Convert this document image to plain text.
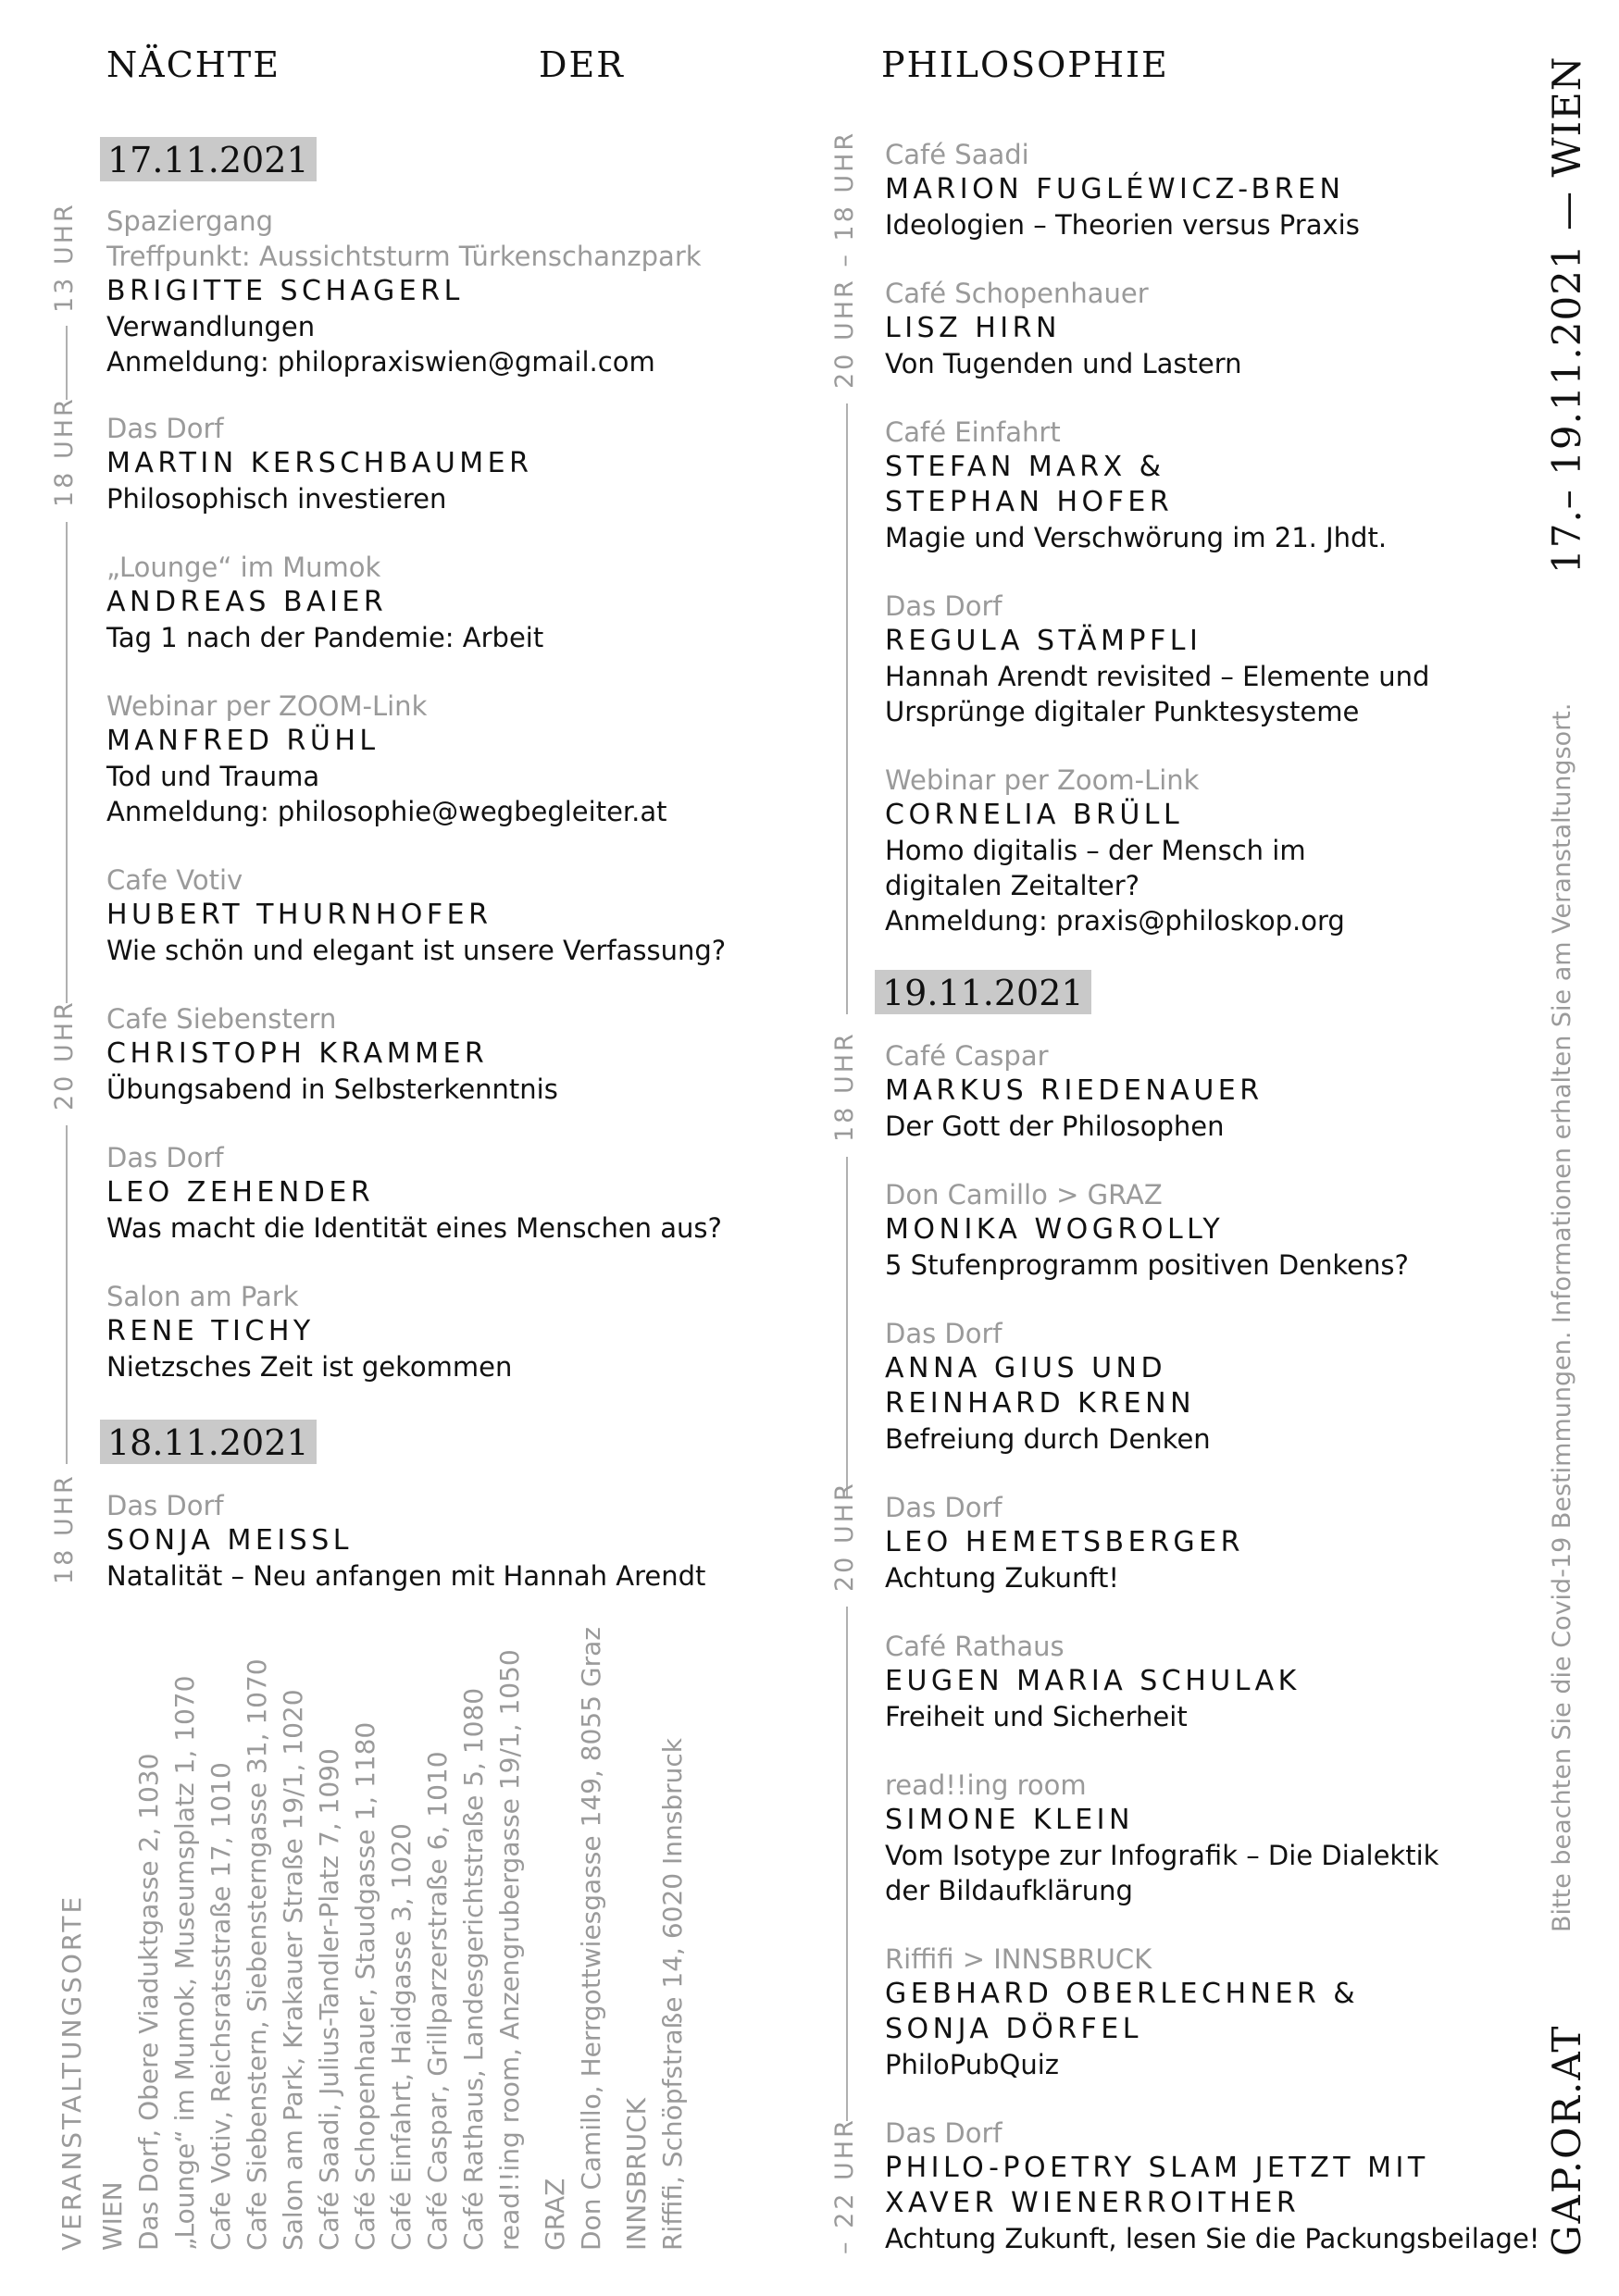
NÄCHTE	DER	PHILOSOPHIE
17.11.2021
18.11.2021
19.11.2021
Spaziergang
Treffpunkt: Aussichtsturm Türkenschanzpark
BRIGITTE SCHAGERL
Verwandlungen
Anmeldung: philopraxiswien@gmail.com
Das Dorf
MARTIN KERSCHBAUMER
Philosophisch investieren
„Lounge“ im Mumok
ANDREAS BAIER
Tag 1 nach der Pandemie: Arbeit
Webinar per ZOOM-Link
MANFRED RÜHL
Tod und Trauma
Anmeldung: philosophie@wegbegleiter.at
Cafe Votiv
HUBERT THURNHOFER
Wie schön und elegant ist unsere Verfassung?
Cafe Siebenstern
CHRISTOPH KRAMMER
Übungsabend in Selbsterkenntnis
Das Dorf
LEO ZEHENDER
Was macht die Identität eines Menschen aus?
Salon am Park
RENE TICHY
Nietzsches Zeit ist gekommen
Das Dorf
SONJA MEISSL
Natalität – Neu anfangen mit Hannah Arendt
13 UHR
18 UHR
20 UHR
18 UHR
Café Saadi
MARION FUGLÉWICZ-BREN
Ideologien – Theorien versus Praxis
Café Schopenhauer
LISZ HIRN
Von Tugenden und Lastern
Café Einfahrt
STEFAN MARX &
STEPHAN HOFER
Magie und Verschwörung im 21. Jhdt.
Das Dorf
REGULA STÄMPFLI
Hannah Arendt revisited – Elemente und
Ursprünge digitaler Punktesysteme
Webinar per Zoom-Link
CORNELIA BRÜLL
Homo digitalis – der Mensch im
digitalen Zeitalter?
Anmeldung: praxis@philoskop.org
Café Caspar
MARKUS RIEDENAUER
Der Gott der Philosophen
Don Camillo > GRAZ
MONIKA WOGROLLY
5 Stufenprogramm positiven Denkens?
Das Dorf
ANNA GIUS UND
REINHARD KRENN
Befreiung durch Denken
Das Dorf
LEO HEMETSBERGER
Achtung Zukunft!
Café Rathaus
EUGEN MARIA SCHULAK
Freiheit und Sicherheit
read!!ing room
SIMONE KLEIN
Vom Isotype zur Infografik – Die Dialektik
der Bildaufklärung
Riffifi > INNSBRUCK
GEBHARD OBERLECHNER &
SONJA DÖRFEL
PhiloPubQuiz
Das Dorf
PHILO-POETRY SLAM JETZT MIT
XAVER WIENERROITHER
Achtung Zukunft, lesen Sie die Packungsbeilage!
20 UHR – 18 UHR
18 UHR
20 UHR
– 22 UHR
VERANSTALTUNGSORTE WIEN Das Dorf, Obere Viaduktgasse 2, 1030 „Lounge“ im Mumok, Museumsplatz 1, 1070 Cafe Votiv, Reichsratsstraße 17, 1010 Cafe Siebenstern, Siebensterngasse 31, 1070 Salon am Park, Krakauer Straße 19/1, 1020 Café Saadi, Julius-Tandler-Platz 7, 1090 Café Schopenhauer, Staudgasse 1, 1180 Café Einfahrt, Haidgasse 3, 1020 Café Caspar, Grillparzerstraße 6, 1010 Café Rathaus, Landesgerichtstraße 5, 1080 read!!ing room, Anzengrubergasse 19/1, 1050 GRAZ Don Camillo, Herrgottwiesgasse 149, 8055 Graz INNSBRUCK Riffifi, Schöpfstraße 14, 6020 Innsbruck
17.– 19.11.2021 — WIEN
GAP.OR.AT
Bitte beachten Sie die Covid-19 Bestimmungen. Informationen erhalten Sie am Veranstaltungsort.
